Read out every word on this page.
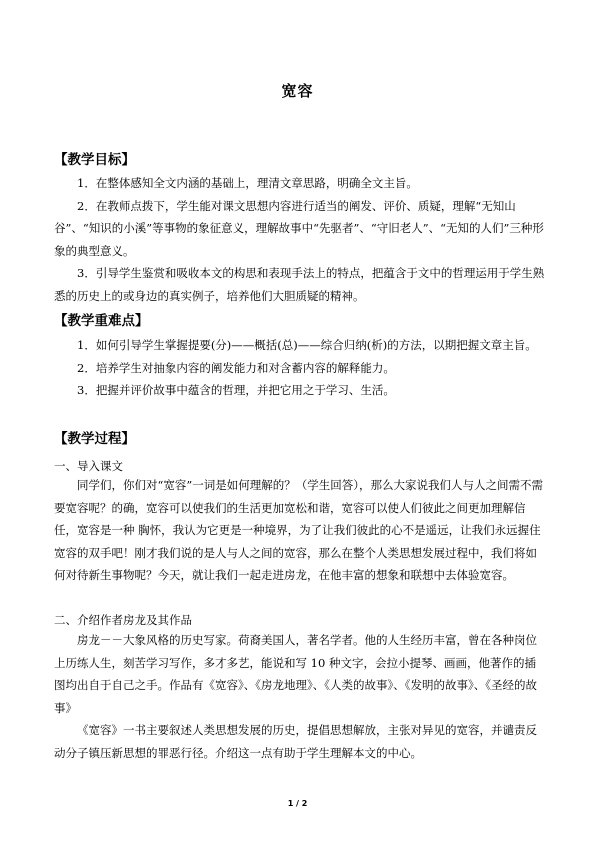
宽容
【教学目标】

1．在整体感知全文内涵的基础上，理清文章思路，明确全文主旨。

2．在教师点拨下，学生能对课文思想内容进行适当的阐发、评价、质疑，理解“无知山谷”、“知识的小溪”等事物的象征意义，理解故事中“先驱者”、“守旧老人”、“无知的人们”三种形象的典型意义。

3．引导学生鉴赏和吸收本文的构思和表现手法上的特点，把蕴含于文中的哲理运用于学生熟悉的历史上的或身边的真实例子，培养他们大胆质疑的精神。

【教学重难点】

1．如何引导学生掌握提要(分)——概括(总)——综合归纳(析)的方法，以期把握文章主旨。

2．培养学生对抽象内容的阐发能力和对含蓄内容的解释能力。

3．把握并评价故事中蕴含的哲理，并把它用之于学习、生活。

【教学过程】
一、导入课文

同学们，你们对“宽容”一词是如何理解的？（学生回答），那么大家说我们人与人之间需不需要宽容呢？的确，宽容可以使我们的生活更加宽松和谐，宽容可以使人们彼此之间更加理解信任，宽容是一种 胸怀，我认为它更是一种境界，为了让我们彼此的心不是遥远，让我们永远握住宽容的双手吧！刚才我们说的是人与人之间的宽容，那么在整个人类思想发展过程中，我们将如何对待新生事物呢？今天，就让我们一起走进房龙，在他丰富的想象和联想中去体验宽容。

二、介绍作者房龙及其作品

房龙－－大象风格的历史写家。荷裔美国人，著名学者。他的人生经历丰富，曾在各种岗位上历练人生，刻苦学习写作，多才多艺，能说和写 10 种文字，会拉小提琴、画画，他著作的插图均出自于自己之手。作品有《宽容》、《房龙地理》、《人类的故事》、《发明的故事》、《圣经的故事》

《宽容》一书主要叙述人类思想发展的历史，提倡思想解放，主张对异见的宽容，并谴责反动分子镇压新思想的罪恶行径。介绍这一点有助于学生理解本文的中心。

1 / 2
